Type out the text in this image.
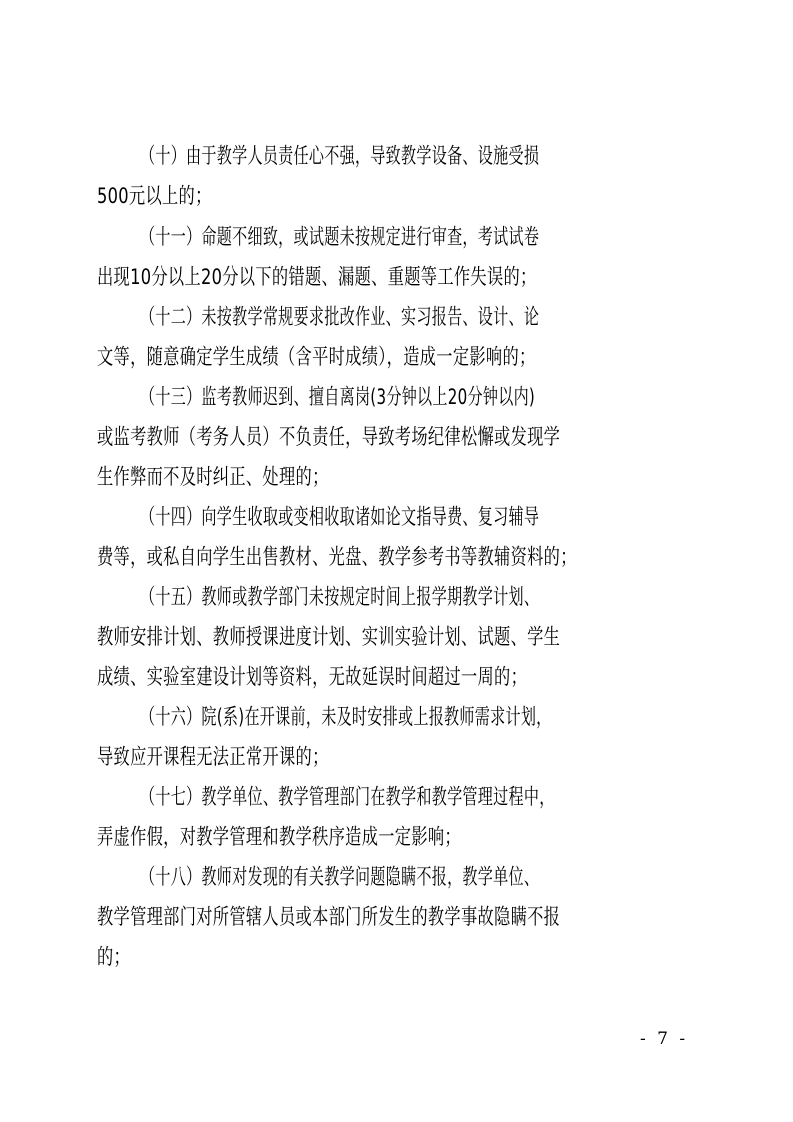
（十）由于教学人员责任心不强，导致教学设备、设施受损
500元以上的；
（十一）命题不细致，或试题未按规定进行审查，考试试卷
出现10分以上20分以下的错题、漏题、重题等工作失误的；
（十二）未按教学常规要求批改作业、实习报告、设计、论
文等，随意确定学生成绩（含平时成绩），造成一定影响的；
（十三）监考教师迟到、擅自离岗(3分钟以上20分钟以内)
或监考教师（考务人员）不负责任，导致考场纪律松懈或发现学
生作弊而不及时纠正、处理的；
（十四）向学生收取或变相收取诸如论文指导费、复习辅导
费等，或私自向学生出售教材、光盘、教学参考书等教辅资料的；
（十五）教师或教学部门未按规定时间上报学期教学计划、
教师安排计划、教师授课进度计划、实训实验计划、试题、学生
成绩、实验室建设计划等资料，无故延误时间超过一周的；
（十六）院(系)在开课前，未及时安排或上报教师需求计划，
导致应开课程无法正常开课的；
（十七）教学单位、教学管理部门在教学和教学管理过程中，
弄虚作假，对教学管理和教学秩序造成一定影响；
（十八）教师对发现的有关教学问题隐瞒不报，教学单位、
教学管理部门对所管辖人员或本部门所发生的教学事故隐瞒不报
的；
- 7 -
